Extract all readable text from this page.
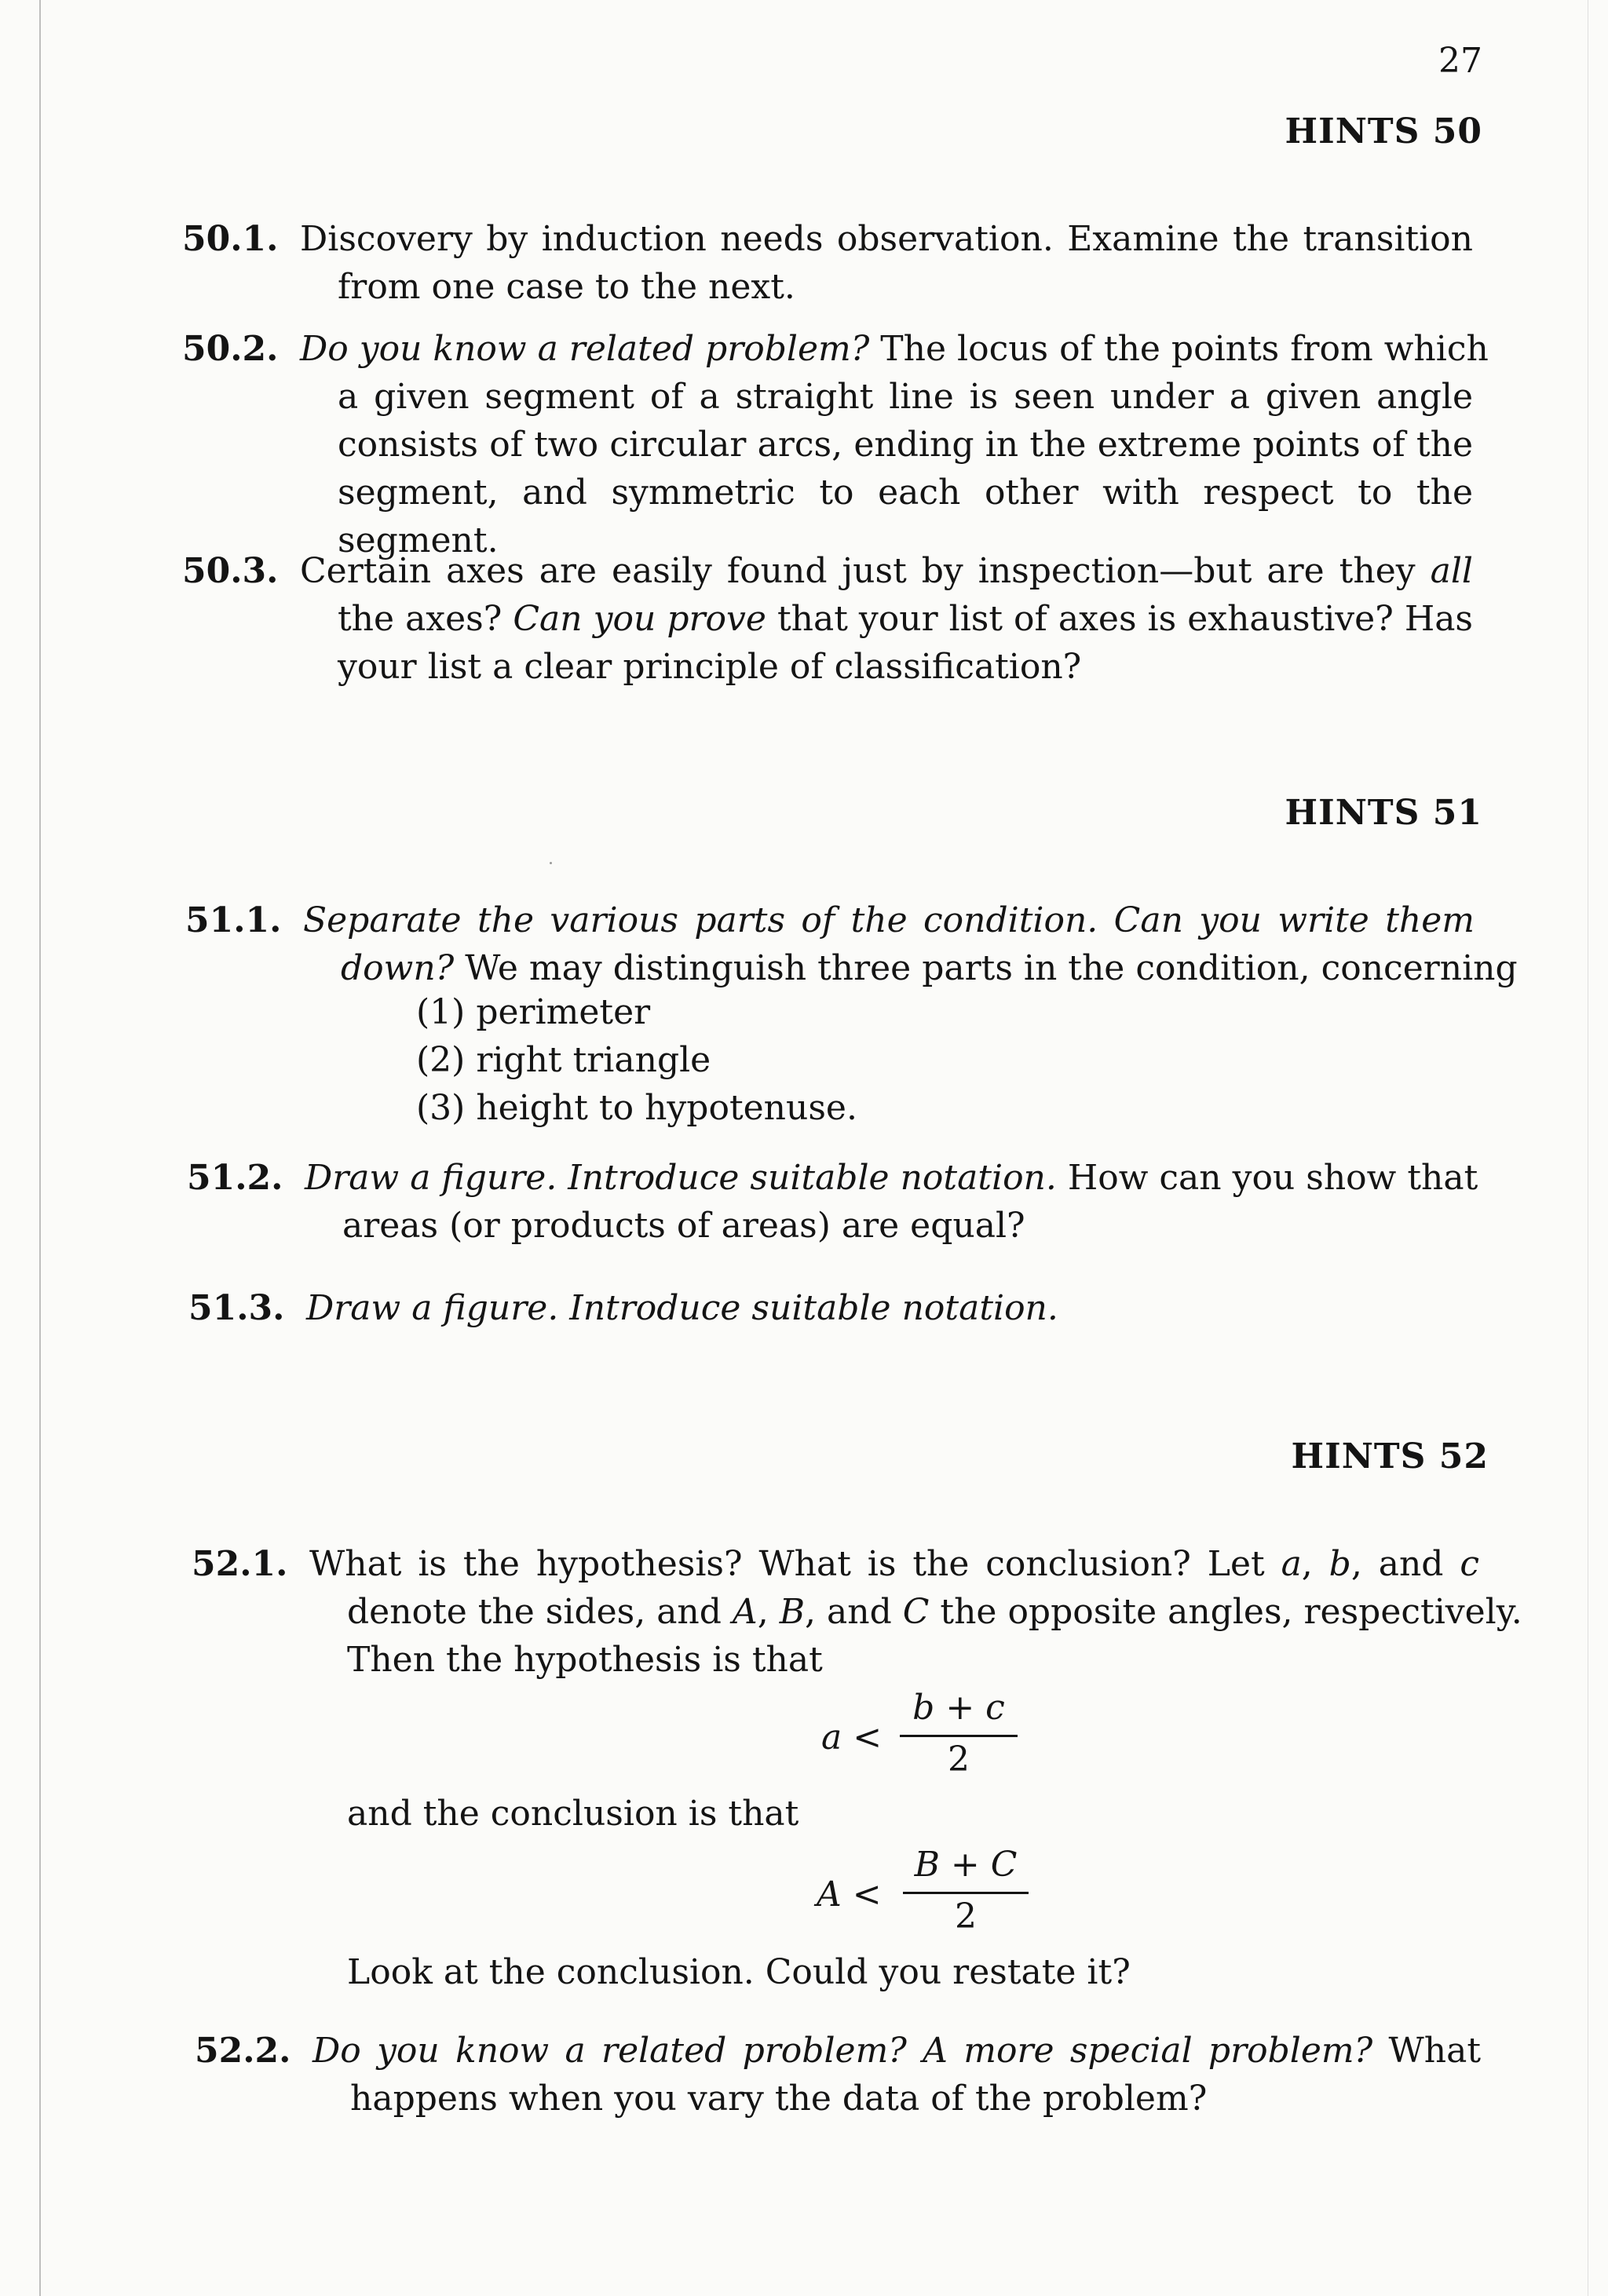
27
HINTS 50
50.1. Discovery by induction needs observation. Examine the transition
from one case to the next.
50.2. Do you know a related problem? The locus of the points from which
a given segment of a straight line is seen under a given angle
consists of two circular arcs, ending in the extreme points of the
segment, and symmetric to each other with respect to the segment.
50.3. Certain axes are easily found just by inspection—but are they all
the axes? Can you prove that your list of axes is exhaustive? Has
your list a clear principle of classification?
HINTS 51
51.1. Separate the various parts of the condition. Can you write them
down? We may distinguish three parts in the condition, concerning
(1) perimeter
(2) right triangle
(3) height to hypotenuse.
51.2. Draw a figure. Introduce suitable notation. How can you show that
areas (or products of areas) are equal?
51.3. Draw a figure. Introduce suitable notation.
HINTS 52
52.1. What is the hypothesis? What is the conclusion? Let a, b, and c
denote the sides, and A, B, and C the opposite angles, respectively.
Then the hypothesis is that
a <
b + c
2
and the conclusion is that
A <
B + C
2
Look at the conclusion. Could you restate it?
52.2. Do you know a related problem? A more special problem? What
happens when you vary the data of the problem?
